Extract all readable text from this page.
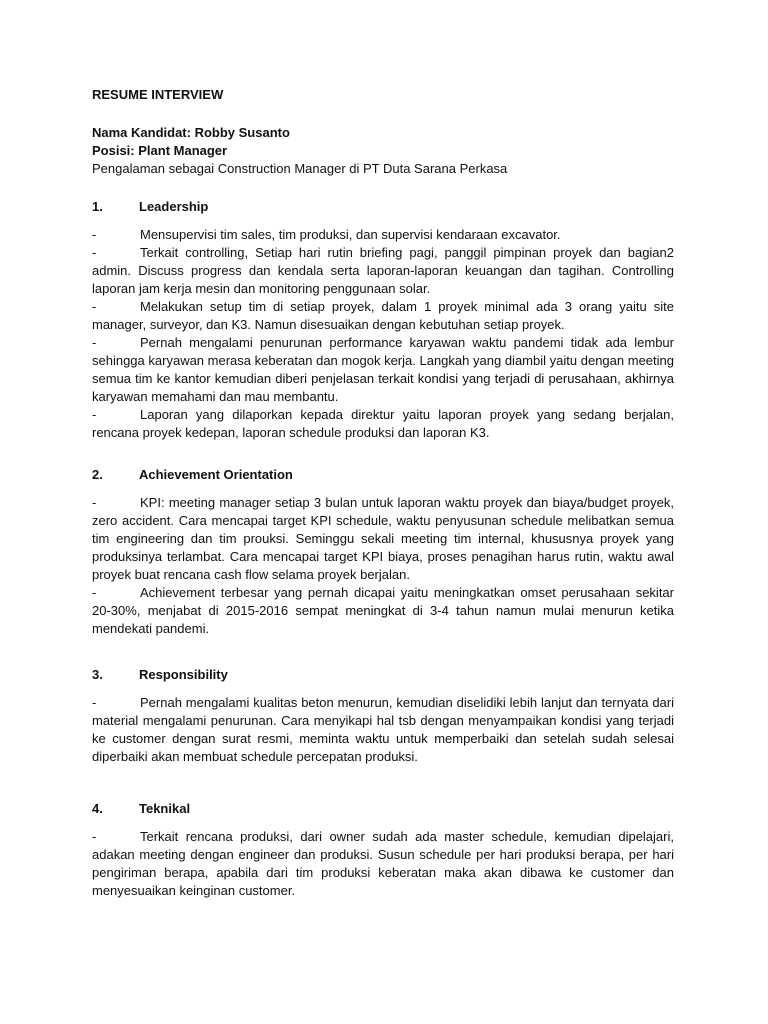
RESUME INTERVIEW
Nama Kandidat: Robby Susanto
Posisi: Plant Manager
Pengalaman sebagai Construction Manager di PT Duta Sarana Perkasa
1.	Leadership
-	Mensupervisi tim sales, tim produksi, dan supervisi kendaraan excavator.
-	Terkait controlling, Setiap hari rutin briefing pagi, panggil pimpinan proyek dan bagian2 admin. Discuss progress dan kendala serta laporan-laporan keuangan dan tagihan. Controlling laporan jam kerja mesin dan monitoring penggunaan solar.
-	Melakukan setup tim di setiap proyek, dalam 1 proyek minimal ada 3 orang yaitu site manager, surveyor, dan K3. Namun disesuaikan dengan kebutuhan setiap proyek.
-	Pernah mengalami penurunan performance karyawan waktu pandemi tidak ada lembur sehingga karyawan merasa keberatan dan mogok kerja. Langkah yang diambil yaitu dengan meeting semua tim ke kantor kemudian diberi penjelasan terkait kondisi yang terjadi di perusahaan, akhirnya karyawan memahami dan mau membantu.
-	Laporan yang dilaporkan kepada direktur yaitu laporan proyek yang sedang berjalan, rencana proyek kedepan, laporan schedule produksi dan laporan K3.
2.	Achievement Orientation
-	KPI: meeting manager setiap 3 bulan untuk laporan waktu proyek dan biaya/budget proyek, zero accident. Cara mencapai target KPI schedule, waktu penyusunan schedule melibatkan semua tim engineering dan tim prouksi. Seminggu sekali meeting tim internal, khususnya proyek yang produksinya terlambat. Cara mencapai target KPI biaya, proses penagihan harus rutin, waktu awal proyek buat rencana cash flow selama proyek berjalan.
-	Achievement terbesar yang pernah dicapai yaitu meningkatkan omset perusahaan sekitar 20-30%, menjabat di 2015-2016 sempat meningkat di 3-4 tahun namun mulai menurun ketika mendekati pandemi.
3.	Responsibility
-	Pernah mengalami kualitas beton menurun, kemudian diselidiki lebih lanjut dan ternyata dari material mengalami penurunan. Cara menyikapi hal tsb dengan menyampaikan kondisi yang terjadi ke customer dengan surat resmi, meminta waktu untuk memperbaiki dan setelah sudah selesai diperbaiki akan membuat schedule percepatan produksi.
4.	Teknikal
-	Terkait rencana produksi, dari owner sudah ada master schedule, kemudian dipelajari, adakan meeting dengan engineer dan produksi. Susun schedule per hari produksi berapa, per hari pengiriman berapa, apabila dari tim produksi keberatan maka akan dibawa ke customer dan menyesuaikan keinginan customer.
